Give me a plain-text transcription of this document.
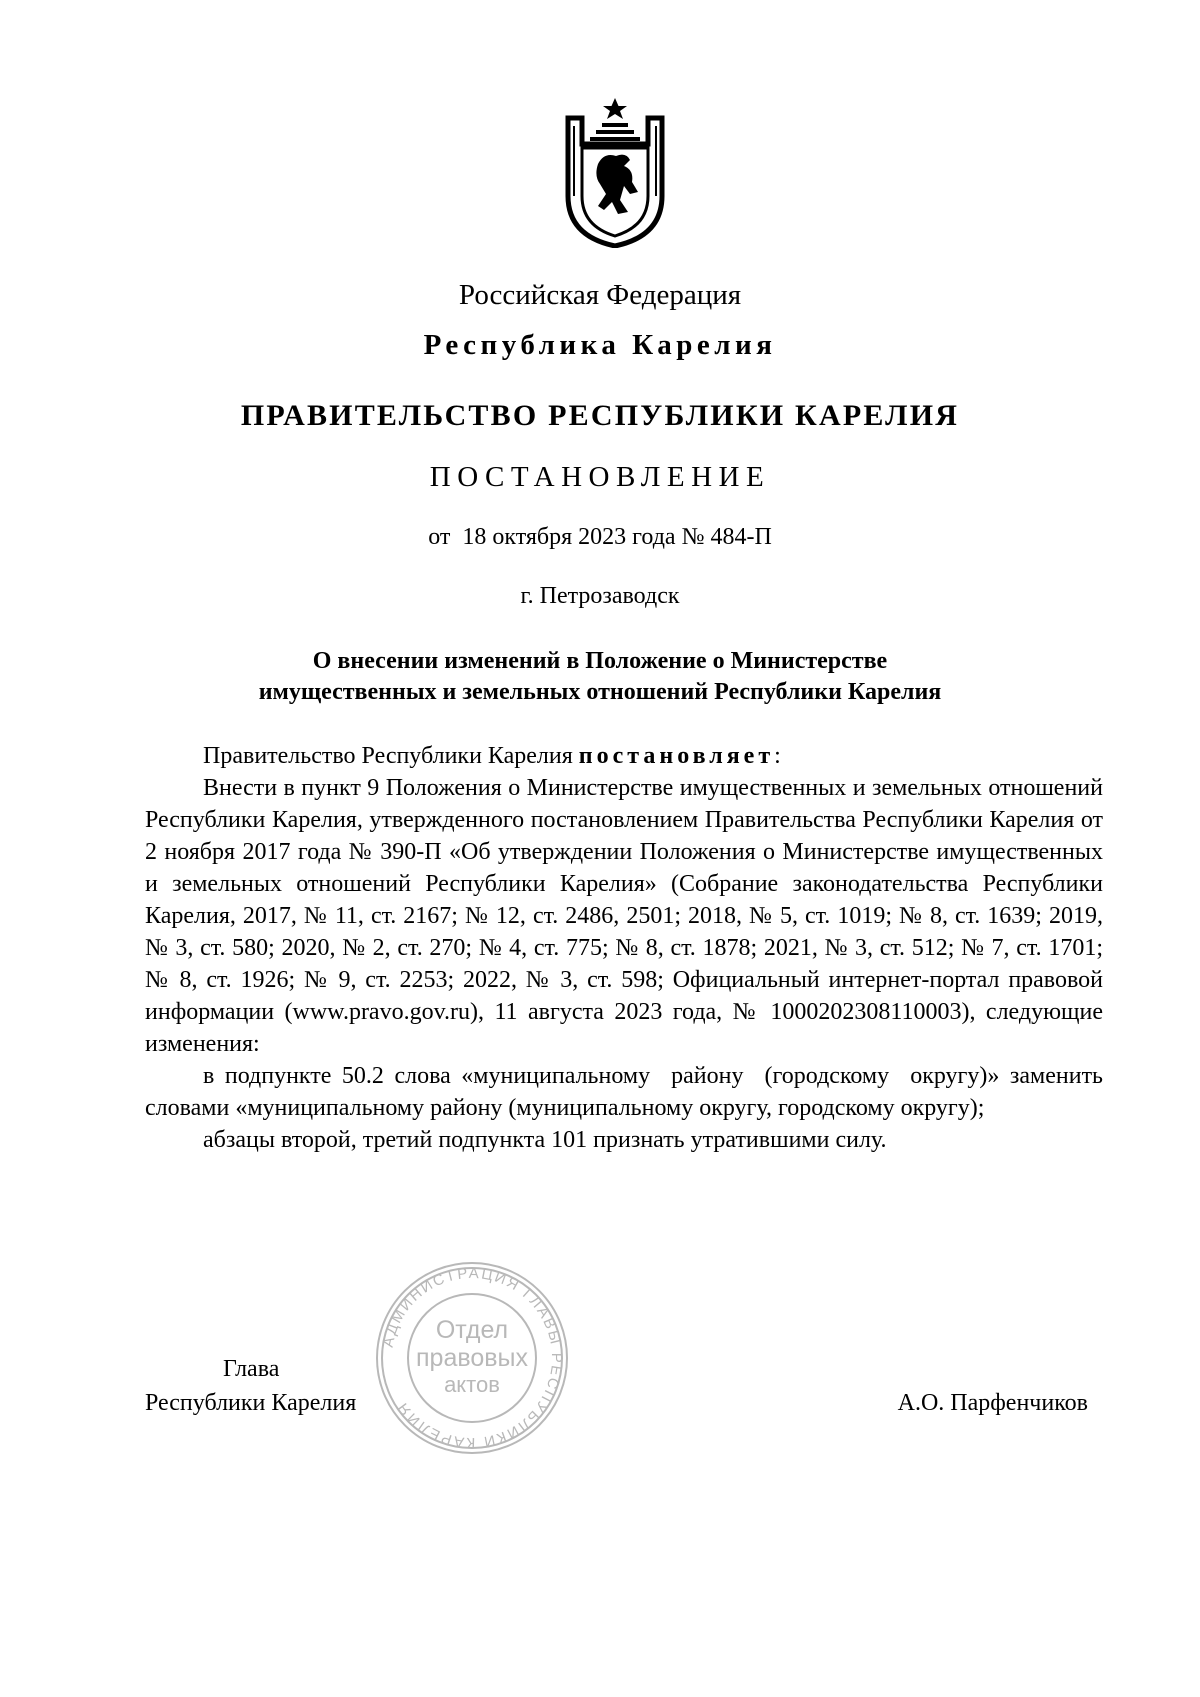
Российская Федерация
Республика Карелия
ПРАВИТЕЛЬСТВО РЕСПУБЛИКИ КАРЕЛИЯ
ПОСТАНОВЛЕНИЕ
от  18 октября 2023 года № 484-П
г. Петрозаводск
О внесении изменений в Положение о Министерстве
имущественных и земельных отношений Республики Карелия

Правительство Республики Карелия постановляет:

Внести в пункт 9 Положения о Министерстве имущественных и земельных отношений Республики Карелия, утвержденного постановлением Правительства Республики Карелия от 2 ноября 2017 года № 390-П «Об утверждении Положения о Министерстве имущественных и земельных отношений Республики Карелия» (Собрание законодательства Республики Карелия, 2017, № 11, ст. 2167; № 12, ст. 2486, 2501; 2018, № 5, ст. 1019; № 8, ст. 1639; 2019, № 3, ст. 580; 2020, № 2, ст. 270; № 4, ст. 775; № 8, ст. 1878; 2021, № 3, ст. 512; № 7, ст. 1701; № 8, ст. 1926; № 9, ст. 2253; 2022, № 3, ст. 598; Официальный интернет-портал правовой информации (www.pravo.gov.ru), 11 августа 2023 года, № 1000202308110003), следующие изменения:

в подпункте 50.2 слова «муниципальному  району  (городскому  округу)» заменить словами «муниципальному району (муниципальному округу, городскому округу);

абзацы второй, третий подпункта 101 признать утратившими силу.

Глава
Республики Карелия	А.О. Парфенчиков
АДМИНИСТРАЦИЯ ГЛАВЫ РЕСПУБЛИКИ КАРЕЛИЯ
Отдел
правовых
актов
